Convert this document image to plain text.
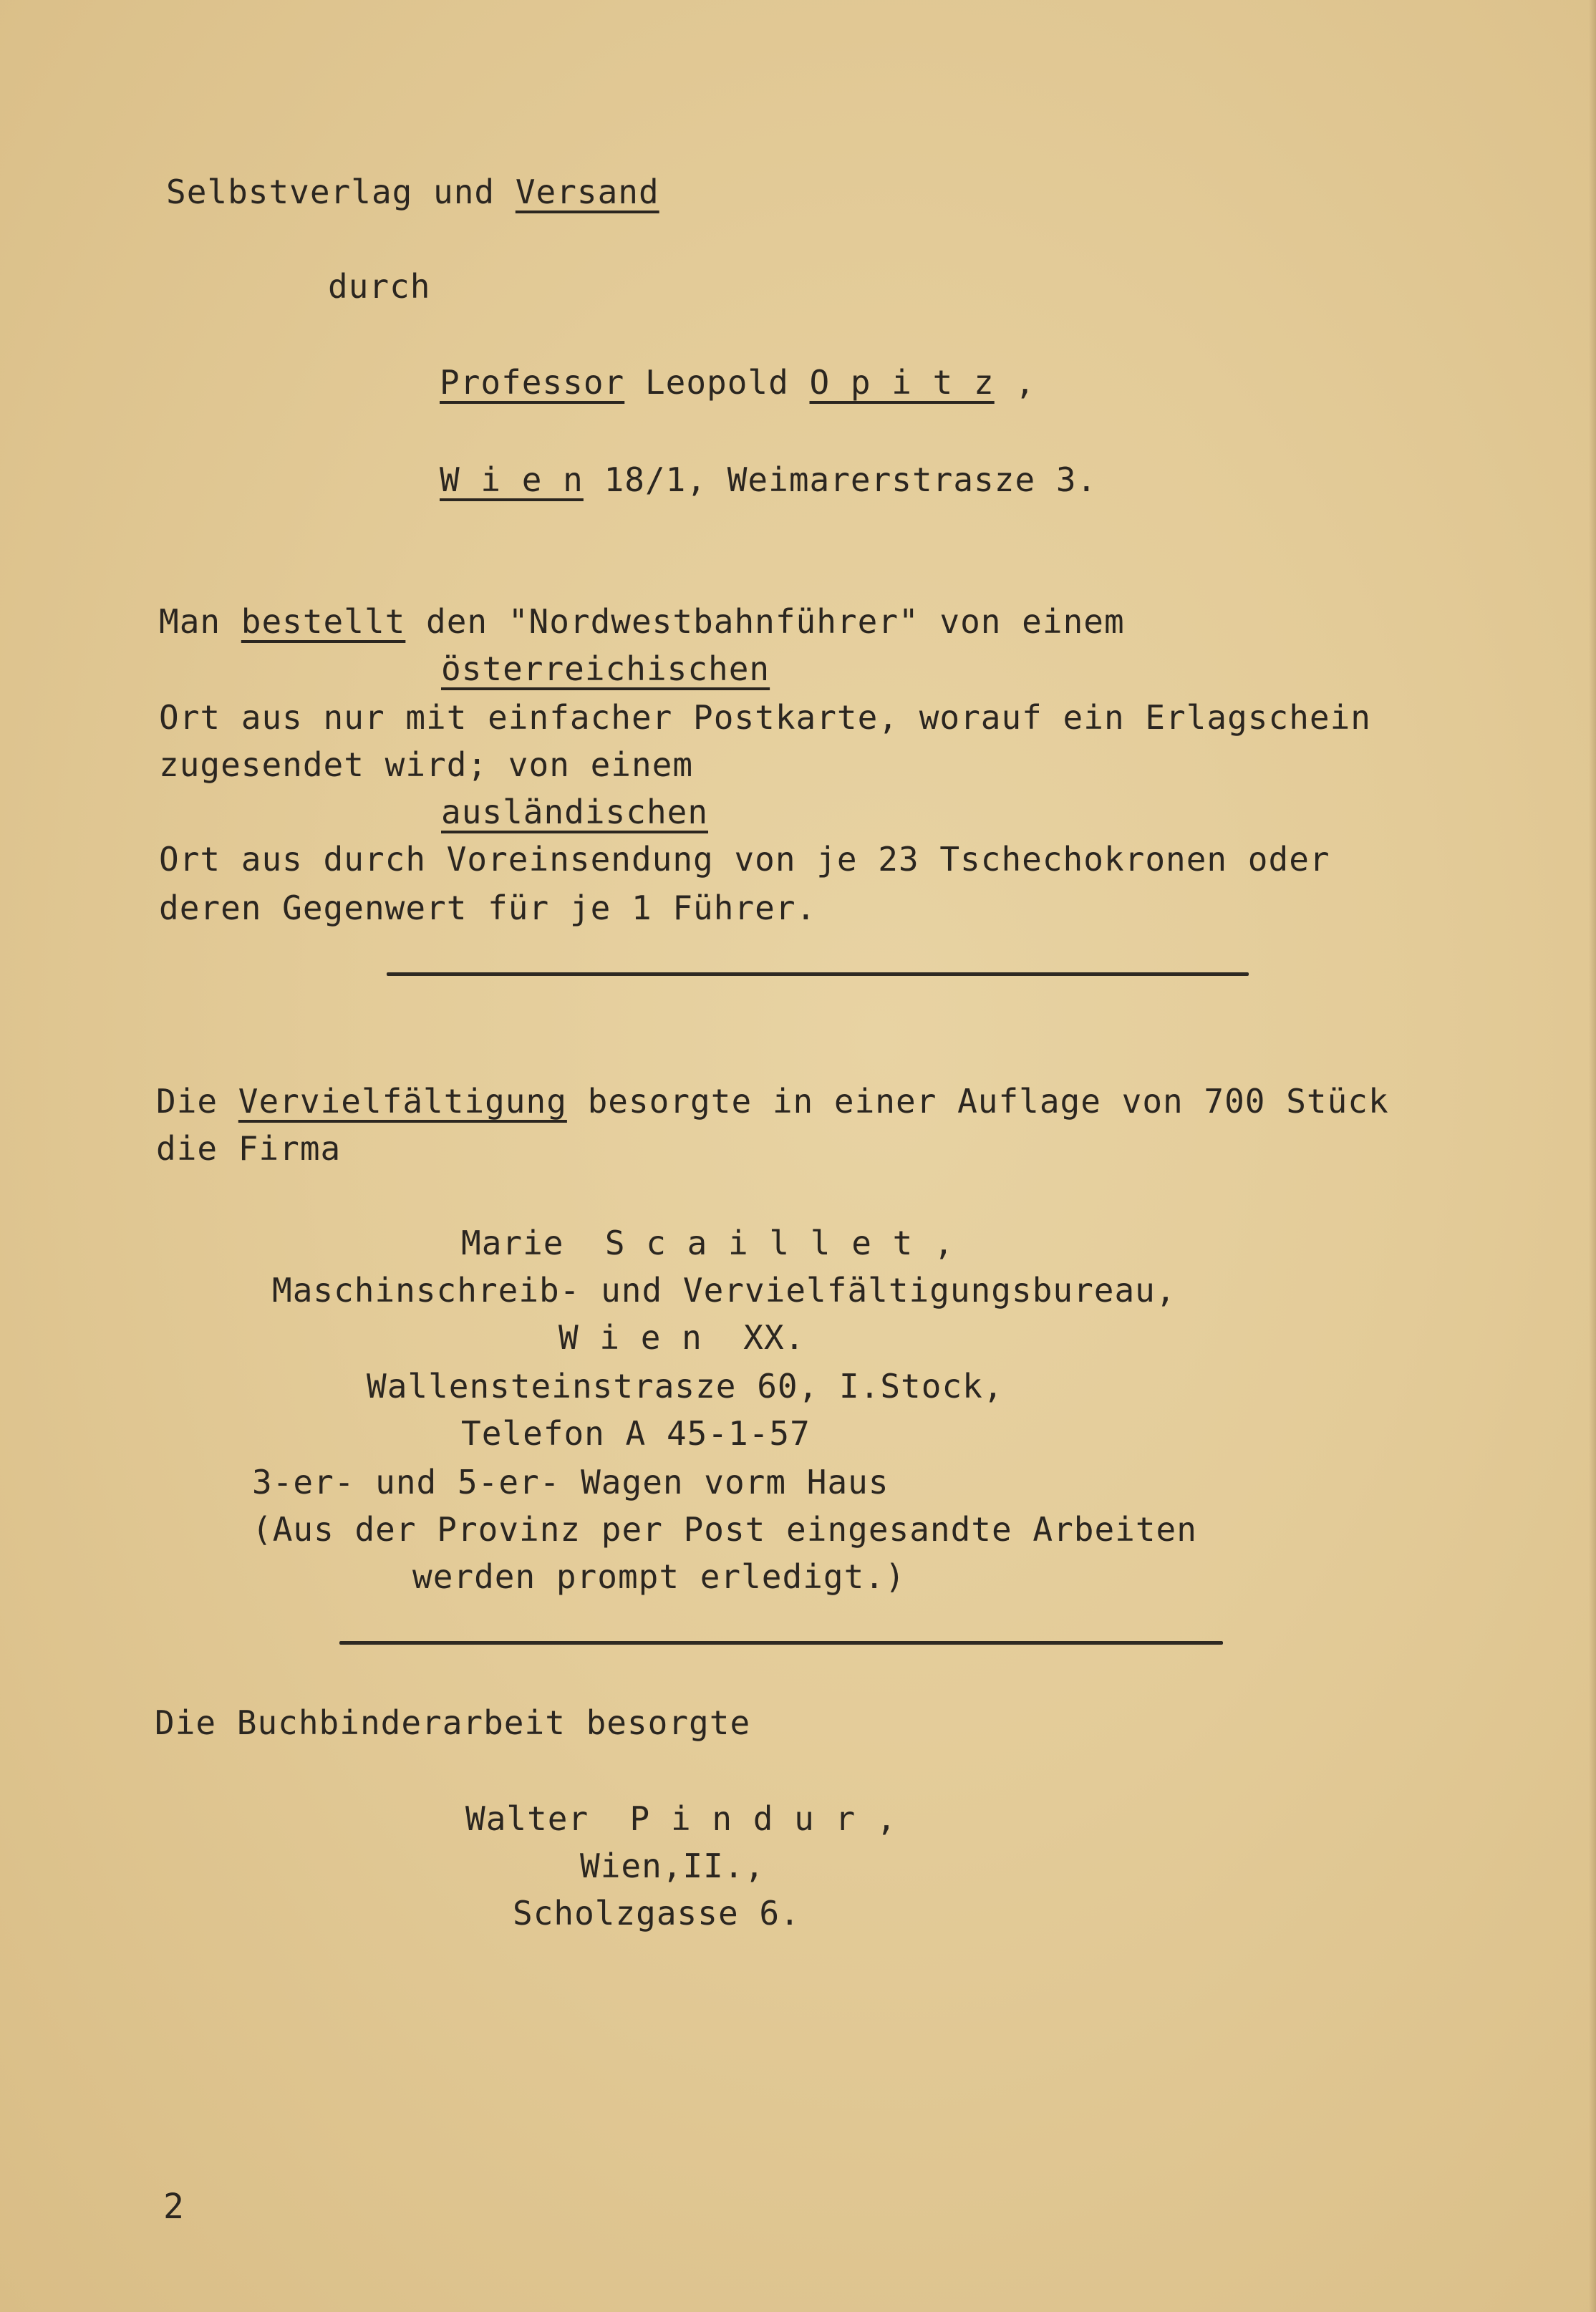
Selbstverlag und Versand
durch
Professor Leopold O p i t z ,
W i e n 18/1, Weimarerstrasze 3.
Man bestellt den "Nordwestbahnführer" von einem
österreichischen
Ort aus nur mit einfacher Postkarte, worauf ein Erlagschein
zugesendet wird; von einem
ausländischen
Ort aus durch Voreinsendung von je 23 Tschechokronen oder
deren Gegenwert für je 1 Führer.
Die Vervielfältigung besorgte in einer Auflage von 700 Stück
die Firma
Marie  S c a i l l e t ,
Maschinschreib- und Vervielfältigungsbureau,
W i e n  XX.
Wallensteinstrasze 60, I.Stock,
Telefon A 45-1-57
3-er- und 5-er- Wagen vorm Haus
(Aus der Provinz per Post eingesandte Arbeiten
werden prompt erledigt.)
Die Buchbinderarbeit besorgte
Walter  P i n d u r ,
Wien,II.,
Scholzgasse 6.
2
